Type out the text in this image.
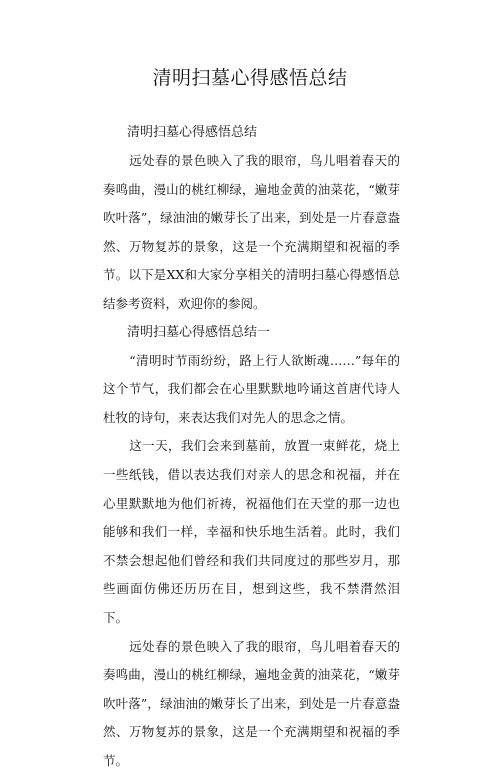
清明扫墓心得感悟总结
清明扫墓心得感悟总结

远处春的景色映入了我的眼帘，鸟儿唱着春天的奏鸣曲，漫山的桃红柳绿，遍地金黄的油菜花，“嫩芽吹叶落”，绿油油的嫩芽长了出来，到处是一片春意盎然、万物复苏的景象，这是一个充满期望和祝福的季节。以下是XX和大家分享相关的清明扫墓心得感悟总结参考资料，欢迎你的参阅。

清明扫墓心得感悟总结一

“清明时节雨纷纷，路上行人欲断魂……”每年的这个节气，我们都会在心里默默地吟诵这首唐代诗人杜牧的诗句，来表达我们对先人的思念之情。

这一天，我们会来到墓前，放置一束鲜花，烧上一些纸钱，借以表达我们对亲人的思念和祝福，并在心里默默地为他们祈祷，祝福他们在天堂的那一边也能够和我们一样，幸福和快乐地生活着。此时，我们不禁会想起他们曾经和我们共同度过的那些岁月，那些画面仿佛还历历在目，想到这些，我不禁潸然泪下。

远处春的景色映入了我的眼帘，鸟儿唱着春天的奏鸣曲，漫山的桃红柳绿，遍地金黄的油菜花，“嫩芽吹叶落”，绿油油的嫩芽长了出来，到处是一片春意盎然、万物复苏的景象，这是一个充满期望和祝福的季节。
